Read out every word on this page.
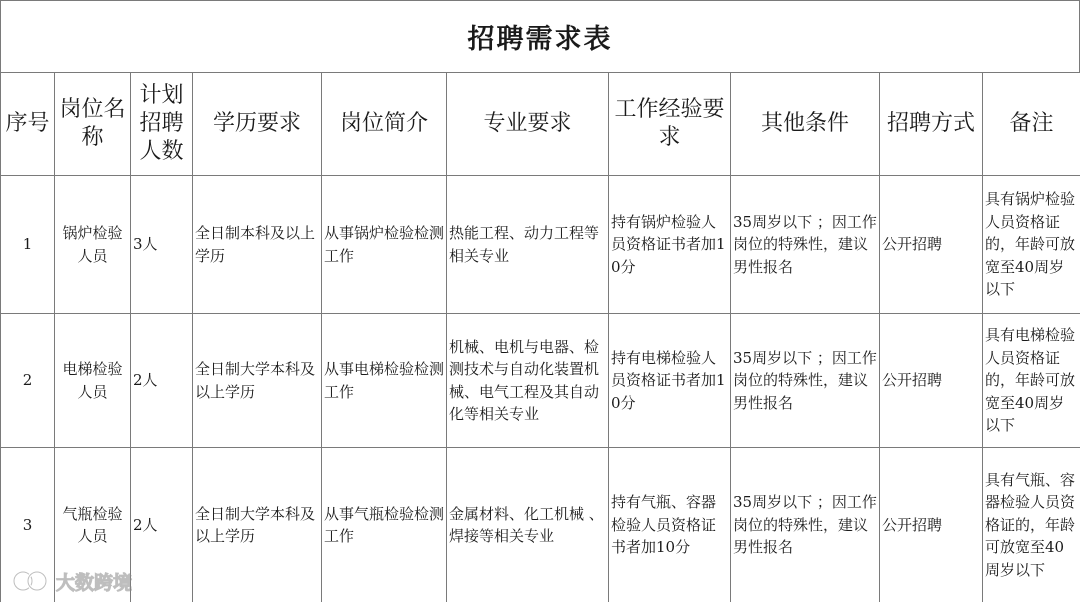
招聘需求表
序号	岗位名称	计划招聘人数	学历要求	岗位简介	专业要求	工作经验要求	其他条件	招聘方式	备注
1	锅炉检验人员	3人	全日制本科及以上学历	从事锅炉检验检测工作	热能工程、动力工程等相关专业	持有锅炉检验人员资格证书者加10分	35周岁以下 ；因工作岗位的特殊性，建议男性报名	公开招聘	具有锅炉检验人员资格证的，年龄可放宽至40周岁以下
2	电梯检验人员	2人	全日制大学本科及以上学历	从事电梯检验检测工作	机械、电机与电器、检测技术与自动化装置机械、电气工程及其自动化等相关专业	持有电梯检验人员资格证书者加10分	35周岁以下 ；因工作岗位的特殊性，建议男性报名	公开招聘	具有电梯检验人员资格证的，年龄可放宽至40周岁以下
3	气瓶检验人员	2人	全日制大学本科及以上学历	从事气瓶检验检测工作	金属材料、化工机械 、焊接等相关专业	持有气瓶、容器检验人员资格证书者加10分	35周岁以下 ；因工作岗位的特殊性，建议男性报名	公开招聘	具有气瓶、容器检验人员资格证的，年龄可放宽至40周岁以下
大数跨境
